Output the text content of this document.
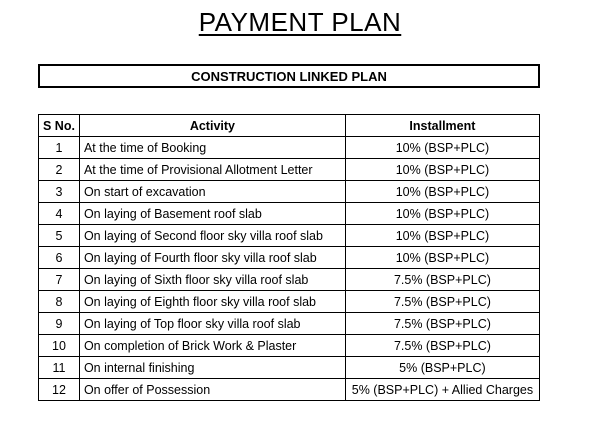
PAYMENT PLAN
CONSTRUCTION LINKED PLAN
S No.	Activity	Installment
1	At the time of Booking	10% (BSP+PLC)
2	At the time of Provisional Allotment Letter	10% (BSP+PLC)
3	On start of excavation	10% (BSP+PLC)
4	On laying of Basement roof slab	10% (BSP+PLC)
5	On laying of Second floor sky villa roof slab	10% (BSP+PLC)
6	On laying of Fourth floor sky villa roof slab	10% (BSP+PLC)
7	On laying of Sixth floor sky villa roof slab	7.5% (BSP+PLC)
8	On laying of Eighth floor sky villa roof slab	7.5% (BSP+PLC)
9	On laying of Top floor sky villa roof slab	7.5% (BSP+PLC)
10	On completion of Brick Work & Plaster	7.5% (BSP+PLC)
11	On internal finishing	5% (BSP+PLC)
12	On offer of Possession	5% (BSP+PLC) + Allied Charges
